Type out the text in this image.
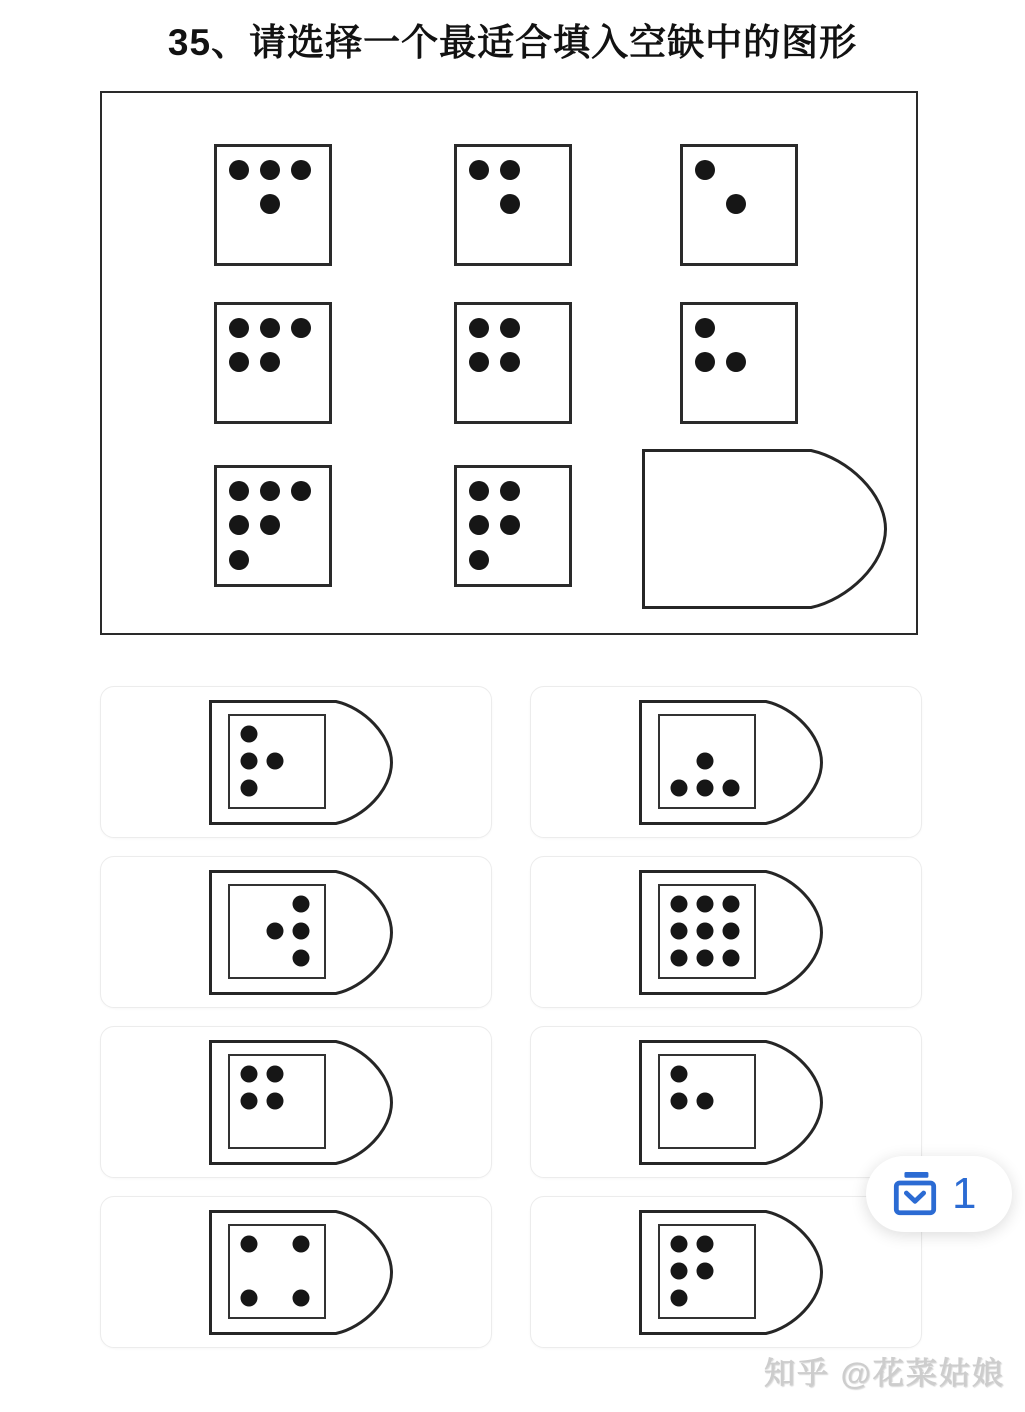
35、请选择一个最适合填入空缺中的图形
1
知乎 @花菜姑娘
